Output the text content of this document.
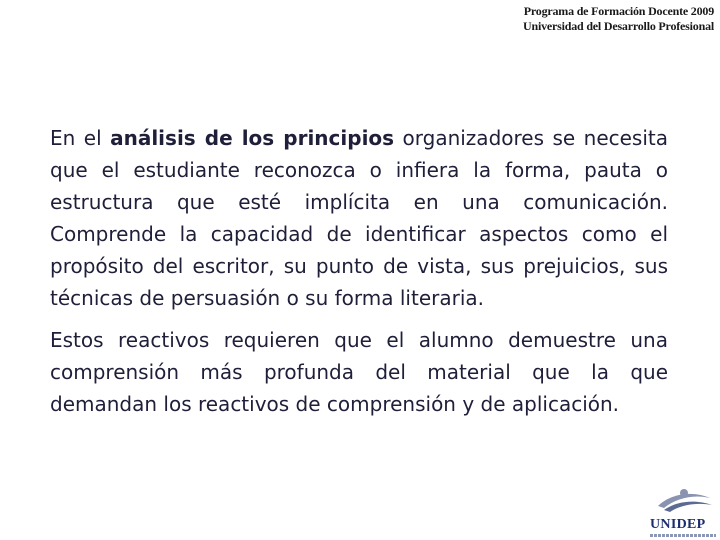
Programa de Formación Docente 2009
Universidad del Desarrollo Profesional

En el análisis de los principios organizadores se necesita que el estudiante reconozca o infiera la forma, pauta o estructura que esté implícita en una comunicación. Comprende la capacidad de identificar aspectos como el propósito del escritor, su punto de vista, sus prejuicios, sus técnicas de persuasión o su forma literaria.

Estos reactivos requieren que el alumno demuestre una comprensión más profunda del material que la que demandan los reactivos de comprensión y de aplicación.

UNIDEP
